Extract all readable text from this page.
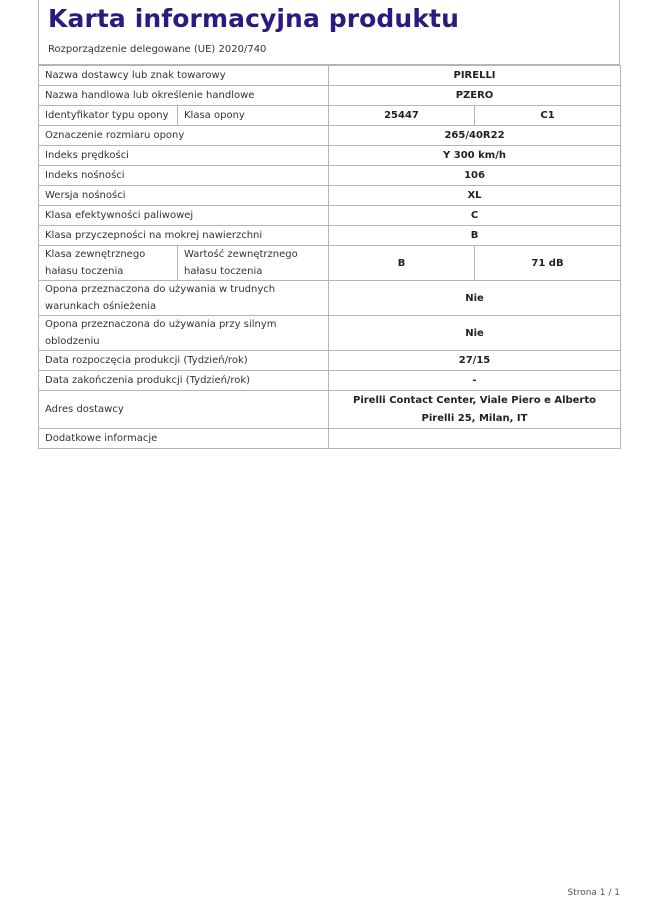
Karta informacyjna produktu
Rozporządzenie delegowane (UE) 2020/740
Nazwa dostawcy lub znak towarowy		PIRELLI	
Nazwa handlowa lub określenie handlowe		PZERO	
Identyfikator typu opony	Klasa opony	25447	C1
Oznaczenie rozmiaru opony		265/40R22	
Indeks prędkości		Y 300 km/h	
Indeks nośności		106	
Wersja nośności		XL	
Klasa efektywności paliwowej		C	
Klasa przyczepności na mokrej nawierzchni		B	
Klasa zewnętrznego hałasu toczenia	Wartość zewnętrznego hałasu toczenia	B	71 dB
Opona przeznaczona do używania w trudnych warunkach ośnieżenia		Nie	
Opona przeznaczona do używania przy silnym oblodzeniu		Nie	
Data rozpoczęcia produkcji (Tydzień/rok)		27/15	
Data zakończenia produkcji (Tydzień/rok)		-	
Adres dostawcy		Pirelli Contact Center, Viale Piero e Alberto Pirelli 25, Milan, IT	
Dodatkowe informacje			
Strona 1 / 1
